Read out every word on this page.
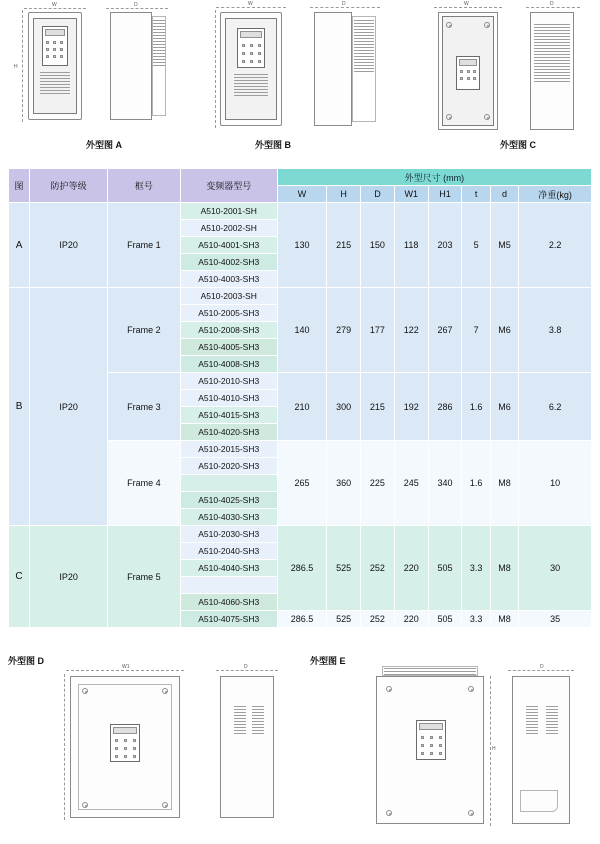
W
H
D	W	D	W	D
外型图 A	外型图 B	外型图 C
图	防护等级	框号	变频器型号	外型尺寸 (mm)							
				W	H	D	W1	H1	t	d	净重(kg)
A	IP20	Frame 1	A510-2001-SH	130	215	150	118	203	5	M5	2.2
			A510-2002-SH								
			A510-4001-SH3								
			A510-4002-SH3								
			A510-4003-SH3								
B	IP20	Frame 2	A510-2003-SH	140	279	177	122	267	7	M6	3.8
			A510-2005-SH3								
			A510-2008-SH3								
			A510-4005-SH3								
			A510-4008-SH3								
		Frame 3	A510-2010-SH3	210	300	215	192	286	1.6	M6	6.2
			A510-4010-SH3								
			A510-4015-SH3								
			A510-4020-SH3								
		Frame 4	A510-2015-SH3	265	360	225	245	340	1.6	M8	10
			A510-2020-SH3								

			A510-4025-SH3								
			A510-4030-SH3								
C	IP20	Frame 5	A510-2030-SH3	286.5	525	252	220	505	3.3	M8	30
			A510-2040-SH3								
			A510-4040-SH3								

			A510-4060-SH3								
			A510-4075-SH3	286.5	525	252	220	505	3.3	M8	35
外型图 D	外型图 E
W1	D
H
D
